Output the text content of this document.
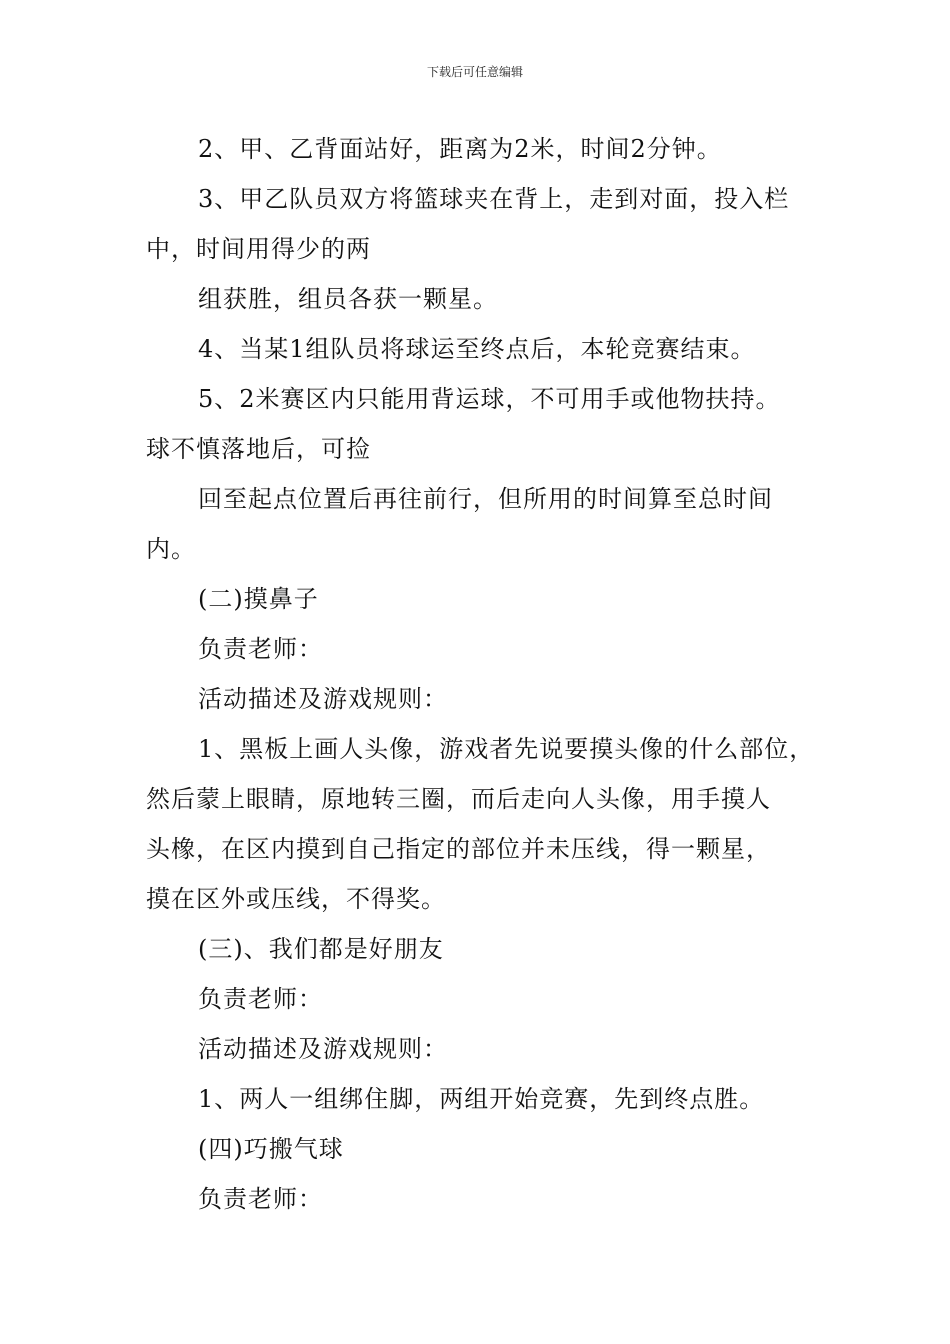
下载后可任意编辑

2、甲、乙背面站好，距离为2米，时间2分钟。

3、甲乙队员双方将篮球夹在背上，走到对面，投入栏

中，时间用得少的两

组获胜，组员各获一颗星。

4、当某1组队员将球运至终点后，本轮竞赛结束。

5、2米赛区内只能用背运球，不可用手或他物扶持。

球不慎落地后，可捡

回至起点位置后再往前行，但所用的时间算至总时间

内。

(二)摸鼻子

负责老师：

活动描述及游戏规则：

1、黑板上画人头像，游戏者先说要摸头像的什么部位，

然后蒙上眼睛，原地转三圈，而后走向人头像，用手摸人

头橡，在区内摸到自己指定的部位并未压线，得一颗星，

摸在区外或压线，不得奖。

(三)、我们都是好朋友

负责老师：

活动描述及游戏规则：

1、两人一组绑住脚，两组开始竞赛，先到终点胜。

(四)巧搬气球

负责老师：
